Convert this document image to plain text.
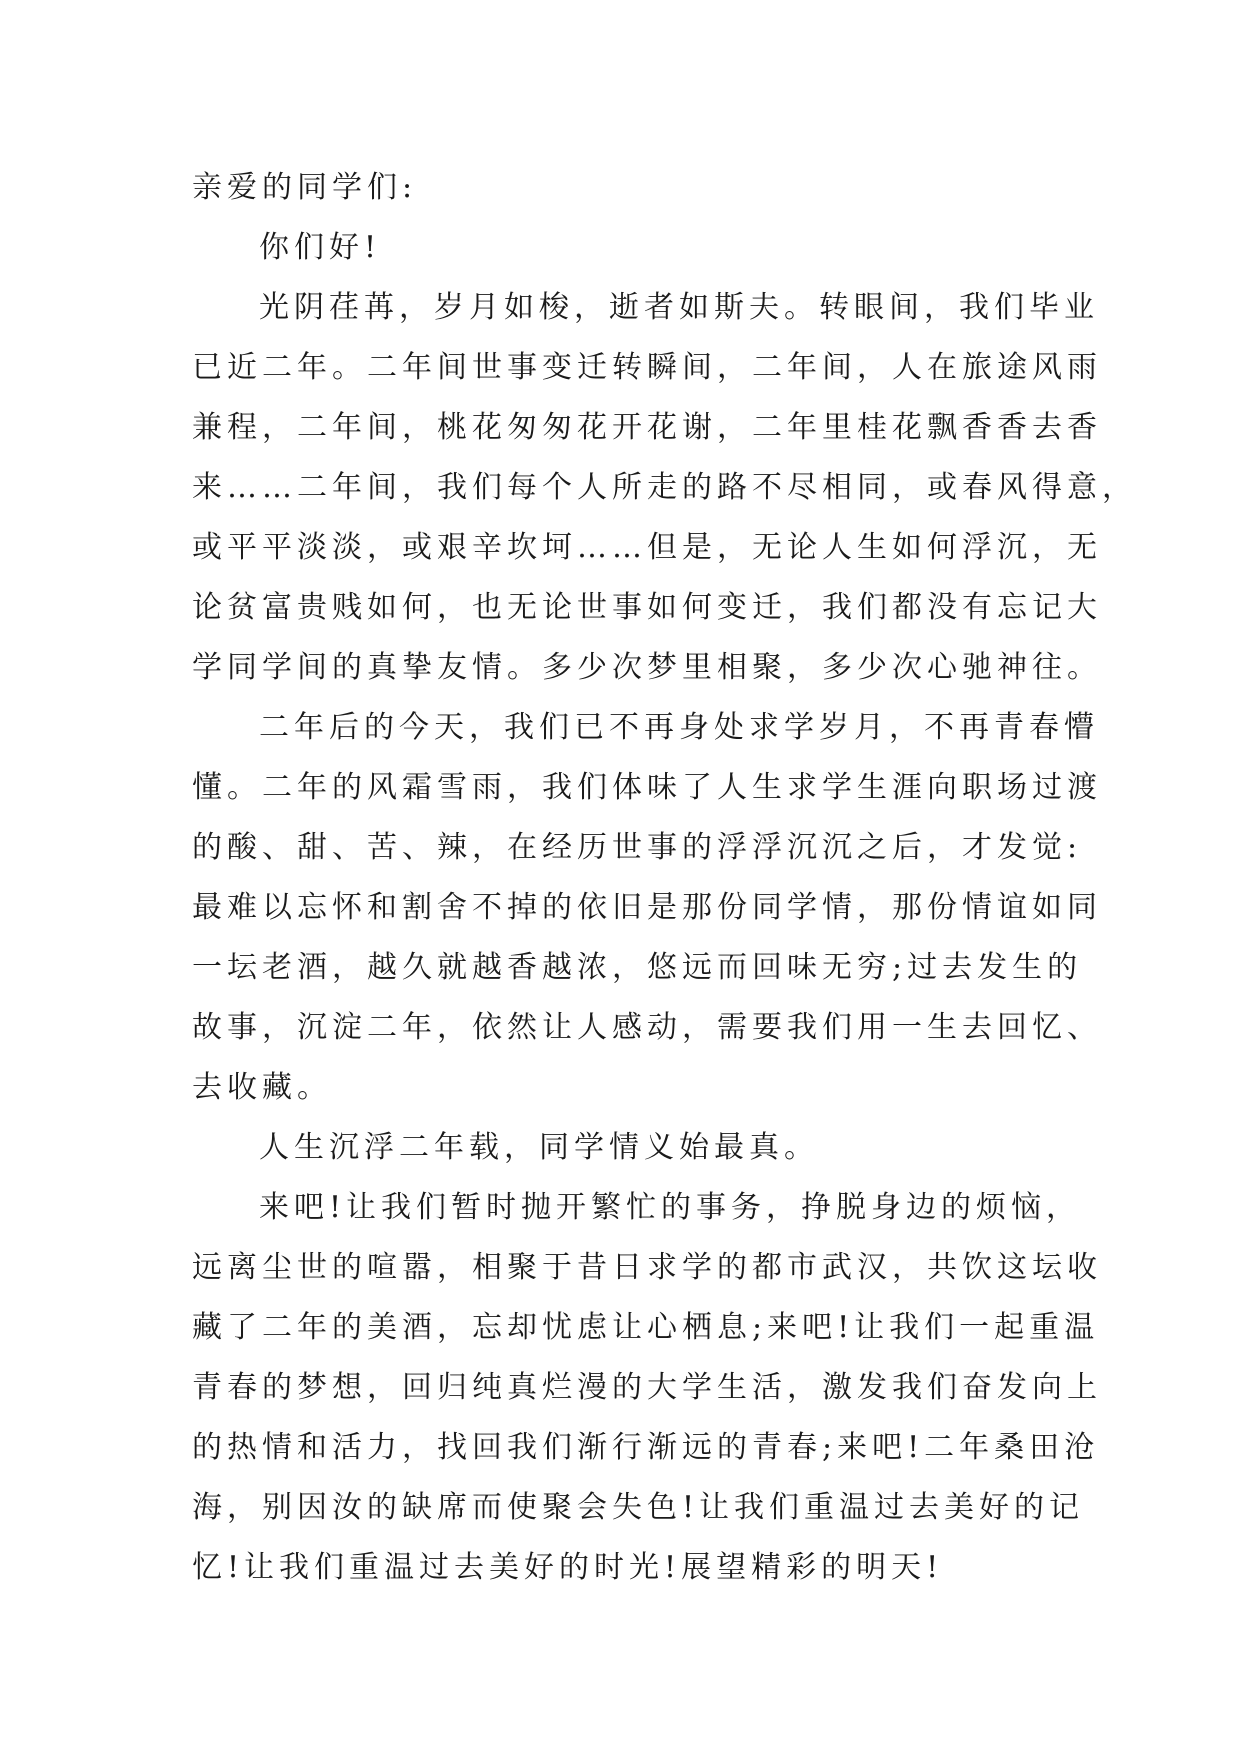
亲爱的同学们:
你们好!
光阴荏苒，岁月如梭，逝者如斯夫。转眼间，我们毕业
已近二年。二年间世事变迁转瞬间，二年间，人在旅途风雨
兼程，二年间，桃花匆匆花开花谢，二年里桂花飘香香去香
来……二年间，我们每个人所走的路不尽相同，或春风得意，
或平平淡淡，或艰辛坎坷……但是，无论人生如何浮沉，无
论贫富贵贱如何，也无论世事如何变迁，我们都没有忘记大
学同学间的真挚友情。多少次梦里相聚，多少次心驰神往。
二年后的今天，我们已不再身处求学岁月，不再青春懵
懂。二年的风霜雪雨，我们体味了人生求学生涯向职场过渡
的酸、甜、苦、辣，在经历世事的浮浮沉沉之后，才发觉:
最难以忘怀和割舍不掉的依旧是那份同学情，那份情谊如同
一坛老酒，越久就越香越浓，悠远而回味无穷;过去发生的
故事，沉淀二年，依然让人感动，需要我们用一生去回忆、
去收藏。
人生沉浮二年载，同学情义始最真。
来吧!让我们暂时抛开繁忙的事务，挣脱身边的烦恼，
远离尘世的喧嚣，相聚于昔日求学的都市武汉，共饮这坛收
藏了二年的美酒，忘却忧虑让心栖息;来吧!让我们一起重温
青春的梦想，回归纯真烂漫的大学生活，激发我们奋发向上
的热情和活力，找回我们渐行渐远的青春;来吧!二年桑田沧
海，别因汝的缺席而使聚会失色!让我们重温过去美好的记
忆!让我们重温过去美好的时光!展望精彩的明天!
